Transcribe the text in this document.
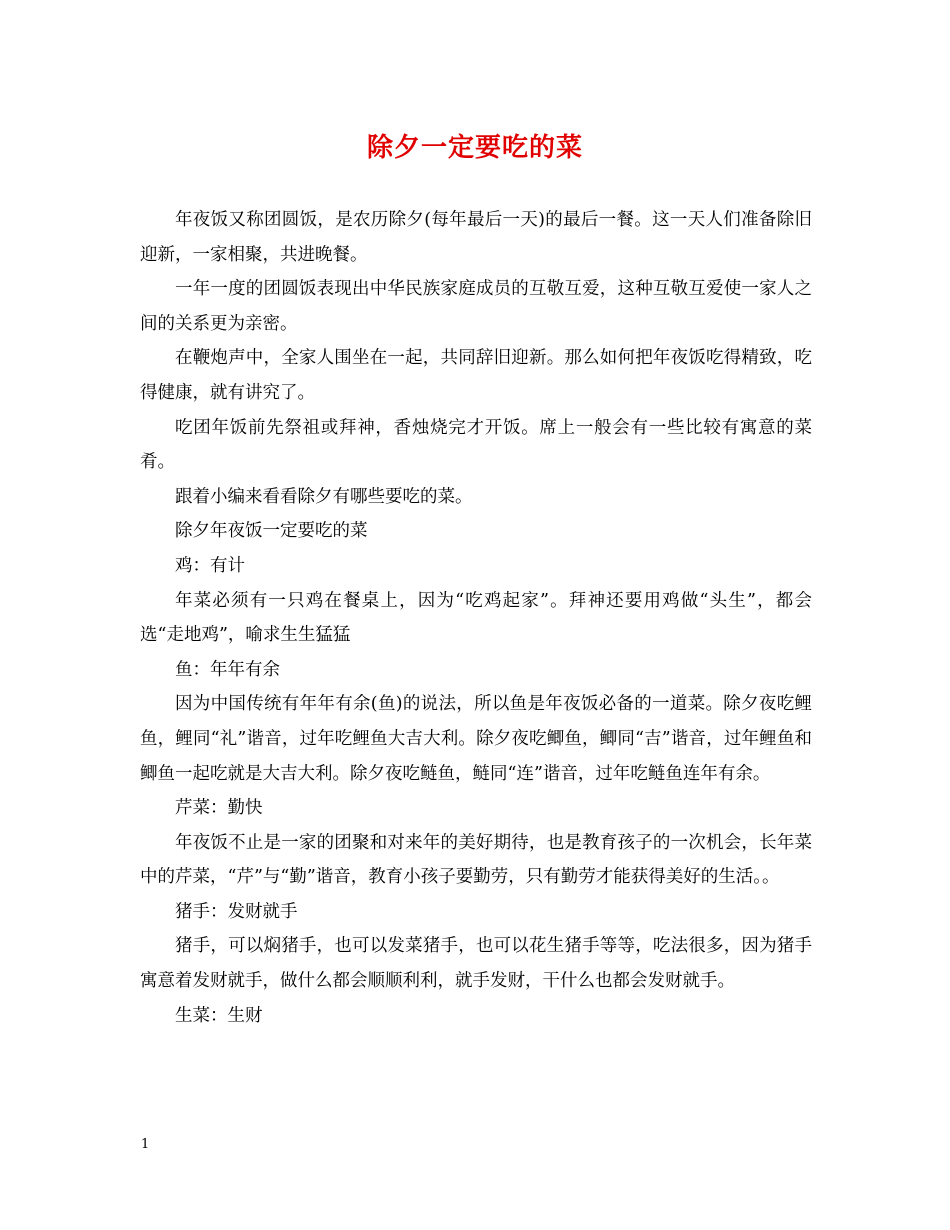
除夕一定要吃的菜

年夜饭又称团圆饭，是农历除夕(每年最后一天)的最后一餐。这一天人们准备除旧迎新，一家相聚，共进晚餐。

一年一度的团圆饭表现出中华民族家庭成员的互敬互爱，这种互敬互爱使一家人之间的关系更为亲密。

在鞭炮声中，全家人围坐在一起，共同辞旧迎新。那么如何把年夜饭吃得精致，吃得健康，就有讲究了。

吃团年饭前先祭祖或拜神，香烛烧完才开饭。席上一般会有一些比较有寓意的菜肴。

跟着小编来看看除夕有哪些要吃的菜。

除夕年夜饭一定要吃的菜

鸡：有计

年菜必须有一只鸡在餐桌上，因为“吃鸡起家”。拜神还要用鸡做“头生”，都会选“走地鸡”，喻求生生猛猛

鱼：年年有余

因为中国传统有年年有余(鱼)的说法，所以鱼是年夜饭必备的一道菜。除夕夜吃鲤鱼，鲤同“礼”谐音，过年吃鲤鱼大吉大利。除夕夜吃鲫鱼，鲫同“吉”谐音，过年鲤鱼和鲫鱼一起吃就是大吉大利。除夕夜吃鲢鱼，鲢同“连”谐音，过年吃鲢鱼连年有余。

芹菜：勤快

年夜饭不止是一家的团聚和对来年的美好期待，也是教育孩子的一次机会，长年菜中的芹菜，“芹”与“勤”谐音，教育小孩子要勤劳，只有勤劳才能获得美好的生活。。

猪手：发财就手

猪手，可以焖猪手，也可以发菜猪手，也可以花生猪手等等，吃法很多，因为猪手寓意着发财就手，做什么都会顺顺利利，就手发财，干什么也都会发财就手。

生菜：生财

1
